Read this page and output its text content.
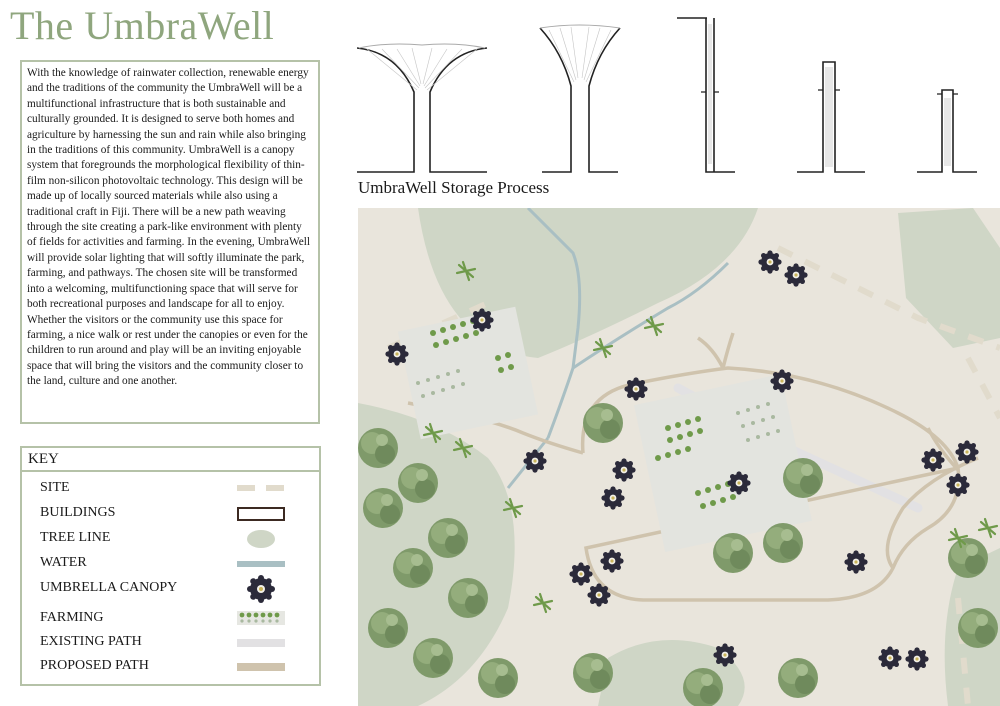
The UmbraWell

With the knowledge of rainwater collection, renewable energy and the traditions of the community the UmbraWell will be a multifunctional infrastructure that is both sustainable and culturally grounded. It is designed to serve both homes and agriculture by harnessing the sun and rain while also bringing in the traditions of this community. UmbraWell is a canopy system that foregrounds the morphological flexibility of thin-film non-silicon photovoltaic technology. This design will be made up of locally sourced materials while also using a traditional craft in Fiji. There will be a new path weaving through the site creating a park-like environment with plenty of fields for activities and farming. In the evening, UmbraWell will provide solar lighting that will softly illuminate the park, farming, and pathways. The chosen site will be transformed into a welcoming, multifunctioning space that will serve for both recreational purposes and landscape for all to enjoy. Whether the visitors or the community use this space for farming, a nice walk or rest under the canopies or even for the children to run around and play will be an inviting enjoyable space that will bring the visitors and the community closer to the land, culture and one another.

KEY
SITE
BUILDINGS
TREE LINE
WATER
UMBRELLA CANOPY
FARMING
EXISTING PATH
PROPOSED PATH
UmbraWell Storage Process
